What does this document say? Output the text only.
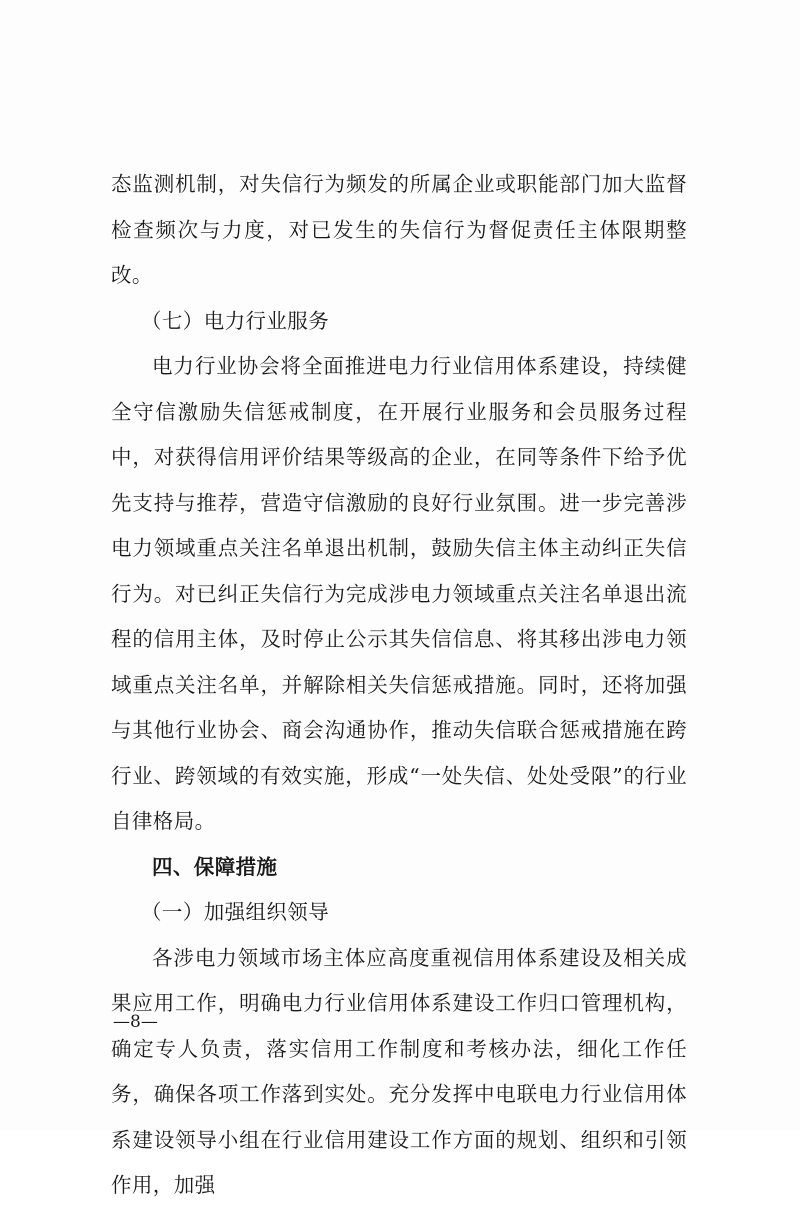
态监测机制，对失信行为频发的所属企业或职能部门加大监督检查频次与力度，对已发生的失信行为督促责任主体限期整改。

（七）电力行业服务

电力行业协会将全面推进电力行业信用体系建设，持续健全守信激励失信惩戒制度，在开展行业服务和会员服务过程中，对获得信用评价结果等级高的企业，在同等条件下给予优先支持与推荐，营造守信激励的良好行业氛围。进一步完善涉电力领域重点关注名单退出机制，鼓励失信主体主动纠正失信行为。对已纠正失信行为完成涉电力领域重点关注名单退出流程的信用主体，及时停止公示其失信信息、将其移出涉电力领域重点关注名单，并解除相关失信惩戒措施。同时，还将加强与其他行业协会、商会沟通协作，推动失信联合惩戒措施在跨行业、跨领域的有效实施，形成“一处失信、处处受限”的行业自律格局。

四、保障措施

（一）加强组织领导

各涉电力领域市场主体应高度重视信用体系建设及相关成果应用工作，明确电力行业信用体系建设工作归口管理机构，确定专人负责，落实信用工作制度和考核办法，细化工作任务，确保各项工作落到实处。充分发挥中电联电力行业信用体系建设领导小组在行业信用建设工作方面的规划、组织和引领作用，加强

—8—
